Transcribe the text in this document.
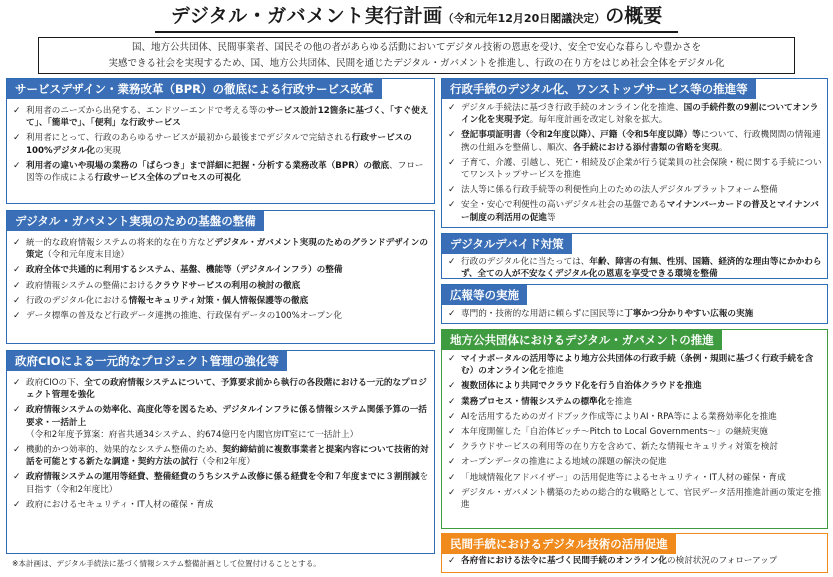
デジタル・ガバメント実行計画（令和元年12月20日閣議決定）の概要
国、地方公共団体、民間事業者、国民その他の者があらゆる活動においてデジタル技術の恩恵を受け、安全で安心な暮らしや豊かさを
実感できる社会を実現するため、国、地方公共団体、民間を通じたデジタル・ガバメントを推進し、行政の在り方をはじめ社会全体をデジタル化
サービスデザイン・業務改革（BPR）の徹底による行政サービス改革
✓ 利用者のニーズから出発する、エンドツーエンドで考える等のサービス設計12箇条に基づく、「すぐ使えて」、「簡単で」、「便利」な行政サービス
✓ 利用者にとって、行政のあらゆるサービスが最初から最後までデジタルで完結される行政サービスの100%デジタル化の実現
✓ 利用者の違いや現場の業務の「ばらつき」まで詳細に把握・分析する業務改革（BPR）の徹底、フロー図等の作成による行政サービス全体のプロセスの可視化
デジタル・ガバメント実現のための基盤の整備
✓ 統一的な政府情報システムの将来的な在り方などデジタル・ガバメント実現のためのグランドデザインの策定（令和元年度末目途）
✓ 政府全体で共通的に利用するシステム、基盤、機能等（デジタルインフラ）の整備
✓ 政府情報システムの整備におけるクラウドサービスの利用の検討の徹底
✓ 行政のデジタル化における情報セキュリティ対策・個人情報保護等の徹底
✓ データ標準の普及など行政データ連携の推進、行政保有データの100%オープン化
政府CIOによる一元的なプロジェクト管理の強化等
✓ 政府CIOの下、全ての政府情報システムについて、予算要求前から執行の各段階における一元的なプロジェクト管理を強化
✓ 政府情報システムの効率化、高度化等を図るため、デジタルインフラに係る情報システム関係予算の一括要求・一括計上
（令和2年度予算案：府省共通34システム、約674億円を内閣官房IT室にて一括計上）
✓ 機動的かつ効率的、効果的なシステム整備のため、契約締結前に複数事業者と提案内容について技術的対話を可能とする新たな調達・契約方法の試行（令和2年度）
✓ 政府情報システムの運用等経費、整備経費のうちシステム改修に係る経費を令和７年度までに３割削減を目指す（令和2年度比）
✓ 政府におけるセキュリティ・IT人材の確保・育成
行政手続のデジタル化、ワンストップサービス等の推進等
✓ デジタル手続法に基づき行政手続のオンライン化を推進、国の手続件数の9割についてオンライン化を実現予定。毎年度計画を改定し対象を拡大。
✓ 登記事項証明書（令和2年度以降）、戸籍（令和5年度以降）等について、行政機関間の情報連携の仕組みを整備し、順次、各手続における添付書類の省略を実現。
✓ 子育て、介護、引越し、死亡・相続及び企業が行う従業員の社会保険・税に関する手続についてワンストップサービスを推進
✓ 法人等に係る行政手続等の利便性向上のための法人デジタルプラットフォーム整備
✓ 安全・安心で利便性の高いデジタル社会の基盤であるマイナンバーカードの普及とマイナンバー制度の利活用の促進等
デジタルデバイド対策
✓ 行政のデジタル化に当たっては、年齢、障害の有無、性別、国籍、経済的な理由等にかかわらず、全ての人が不安なくデジタル化の恩恵を享受できる環境を整備
広報等の実施
✓ 専門的・技術的な用語に頼らずに国民等に丁寧かつ分かりやすい広報の実施
地方公共団体におけるデジタル・ガバメントの推進
✓ マイナポータルの活用等により地方公共団体の行政手続（条例・規則に基づく行政手続を含む）のオンライン化を推進
✓ 複数団体により共同でクラウド化を行う自治体クラウドを推進
✓ 業務プロセス・情報システムの標準化を推進
✓ AIを活用するためのガイドブック作成等によりAI・RPA等による業務効率化を推進
✓ 本年度開催した「自治体ピッチ～Pitch to Local Governments～」の継続実施
✓ クラウドサービスの利用等の在り方を含めて、新たな情報セキュリティ対策を検討
✓ オープンデータの推進による地域の課題の解決の促進
✓ 「地域情報化アドバイザー」の活用促進等によるセキュリティ・IT人材の確保・育成
✓ デジタル・ガバメント構築のための総合的な戦略として、官民データ活用推進計画の策定を推進
民間手続におけるデジタル技術の活用促進
✓ 各府省における法令に基づく民間手続のオンライン化の検討状況のフォローアップ
※本計画は、デジタル手続法に基づく情報システム整備計画として位置付けることとする。
